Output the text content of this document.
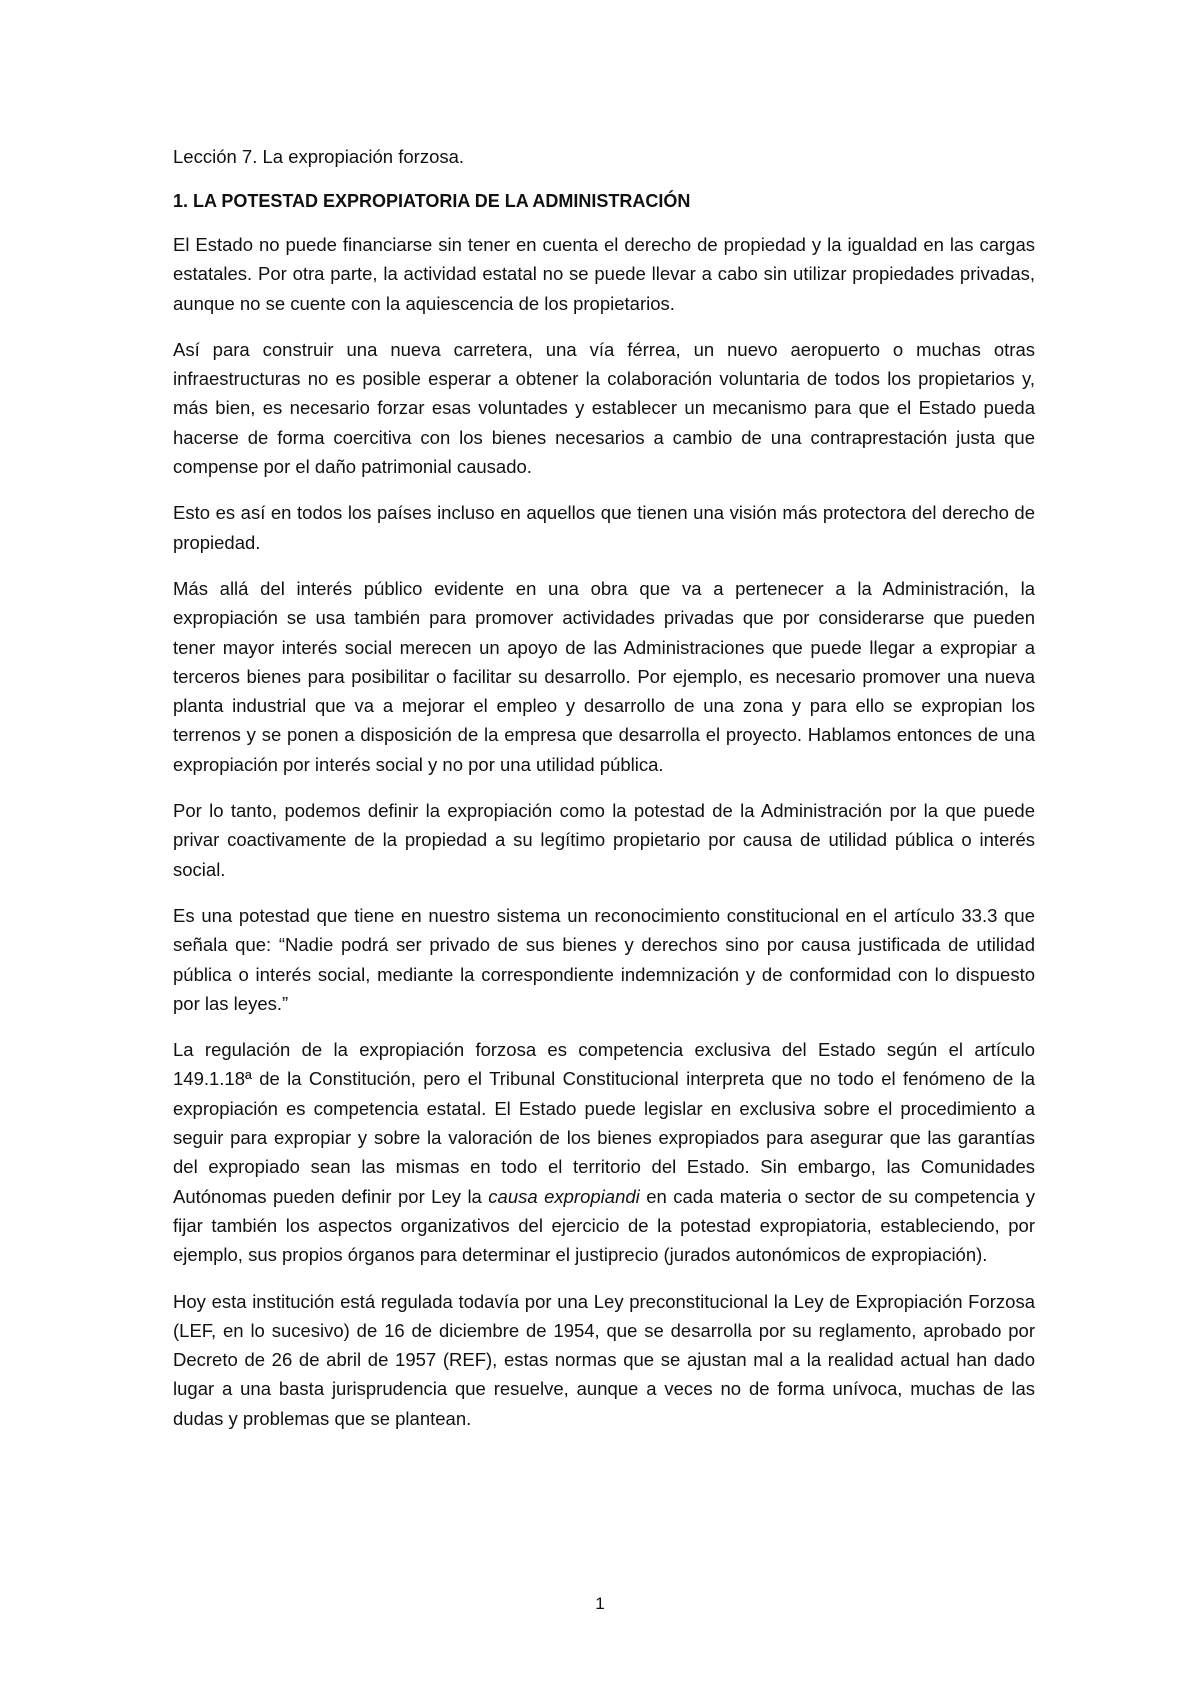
Lección 7. La expropiación forzosa.

1. LA POTESTAD EXPROPIATORIA DE LA ADMINISTRACIÓN

El Estado no puede financiarse sin tener en cuenta el derecho de propiedad y la igualdad en las cargas estatales. Por otra parte, la actividad estatal no se puede llevar a cabo sin utilizar propiedades privadas, aunque no se cuente con la aquiescencia de los propietarios.

Así para construir una nueva carretera, una vía férrea, un nuevo aeropuerto o muchas otras infraestructuras no es posible esperar a obtener la colaboración voluntaria de todos los propietarios y, más bien, es necesario forzar esas voluntades y establecer un mecanismo para que el Estado pueda hacerse de forma coercitiva con los bienes necesarios a cambio de una contraprestación justa que compense por el daño patrimonial causado.

Esto es así en todos los países incluso en aquellos que tienen una visión más protectora del derecho de propiedad.

Más allá del interés público evidente en una obra que va a pertenecer a la Administración, la expropiación se usa también para promover actividades privadas que por considerarse que pueden tener mayor interés social merecen un apoyo de las Administraciones que puede llegar a expropiar a terceros bienes para posibilitar o facilitar su desarrollo. Por ejemplo, es necesario promover una nueva planta industrial que va a mejorar el empleo y desarrollo de una zona y para ello se expropian los terrenos y se ponen a disposición de la empresa que desarrolla el proyecto. Hablamos entonces de una expropiación por interés social y no por una utilidad pública.

Por lo tanto, podemos definir la expropiación como la potestad de la Administración por la que puede privar coactivamente de la propiedad a su legítimo propietario por causa de utilidad pública o interés social.

Es una potestad que tiene en nuestro sistema un reconocimiento constitucional en el artículo 33.3 que señala que: “Nadie podrá ser privado de sus bienes y derechos sino por causa justificada de utilidad pública o interés social, mediante la correspondiente indemnización y de conformidad con lo dispuesto por las leyes.”

La regulación de la expropiación forzosa es competencia exclusiva del Estado según el artículo 149.1.18ª de la Constitución, pero el Tribunal Constitucional interpreta que no todo el fenómeno de la expropiación es competencia estatal. El Estado puede legislar en exclusiva sobre el procedimiento a seguir para expropiar y sobre la valoración de los bienes expropiados para asegurar que las garantías del expropiado sean las mismas en todo el territorio del Estado. Sin embargo, las Comunidades Autónomas pueden definir por Ley la causa expropiandi en cada materia o sector de su competencia y fijar también los aspectos organizativos del ejercicio de la potestad expropiatoria, estableciendo, por ejemplo, sus propios órganos para determinar el justiprecio (jurados autonómicos de expropiación).

Hoy esta institución está regulada todavía por una Ley preconstitucional la Ley de Expropiación Forzosa (LEF, en lo sucesivo) de 16 de diciembre de 1954, que se desarrolla por su reglamento, aprobado por Decreto de 26 de abril de 1957 (REF), estas normas que se ajustan mal a la realidad actual han dado lugar a una basta jurisprudencia que resuelve, aunque a veces no de forma unívoca, muchas de las dudas y problemas que se plantean.

1
